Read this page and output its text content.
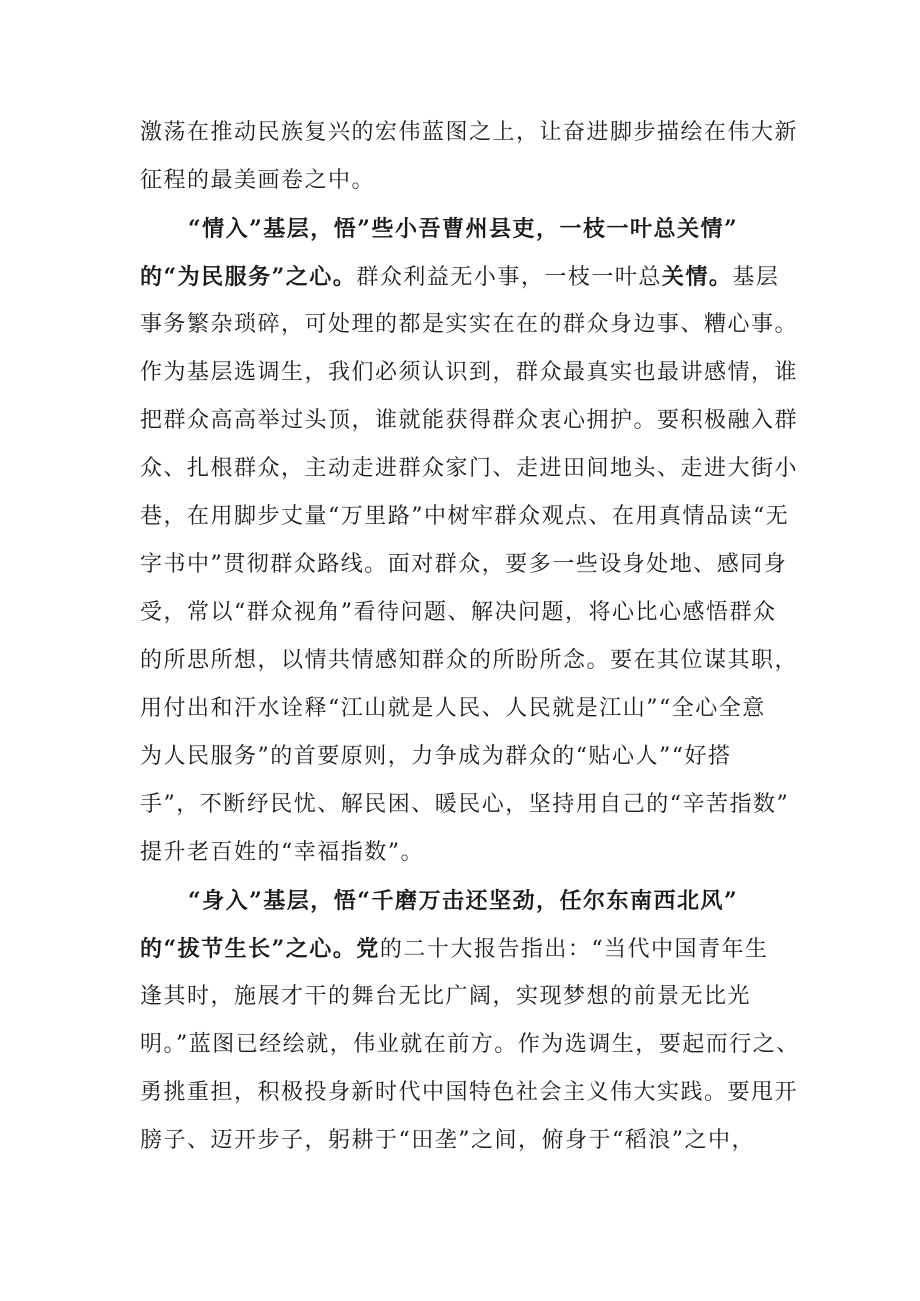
激荡在推动民族复兴的宏伟蓝图之上，让奋进脚步描绘在伟大新
征程的最美画卷之中。
“情入”基层，悟”些小吾曹州县吏，一枝一叶总关情”
的“为民服务”之心。群众利益无小事，一枝一叶总关情。基层
事务繁杂琐碎，可处理的都是实实在在的群众身边事、糟心事。
作为基层选调生，我们必须认识到，群众最真实也最讲感情，谁
把群众高高举过头顶，谁就能获得群众衷心拥护。要积极融入群
众、扎根群众，主动走进群众家门、走进田间地头、走进大街小
巷，在用脚步丈量“万里路”中树牢群众观点、在用真情品读“无
字书中”贯彻群众路线。面对群众，要多一些设身处地、感同身
受，常以“群众视角”看待问题、解决问题，将心比心感悟群众
的所思所想，以情共情感知群众的所盼所念。要在其位谋其职，
用付出和汗水诠释“江山就是人民、人民就是江山”“全心全意
为人民服务”的首要原则，力争成为群众的“贴心人”“好搭
手”，不断纾民忧、解民困、暖民心，坚持用自己的“辛苦指数”
提升老百姓的“幸福指数”。
“身入”基层，悟“千磨万击还坚劲，任尔东南西北风”
的“拔节生长”之心。党的二十大报告指出：“当代中国青年生
逢其时，施展才干的舞台无比广阔，实现梦想的前景无比光
明。”蓝图已经绘就，伟业就在前方。作为选调生，要起而行之、
勇挑重担，积极投身新时代中国特色社会主义伟大实践。要甩开
膀子、迈开步子，躬耕于“田垄”之间，俯身于“稻浪”之中，
